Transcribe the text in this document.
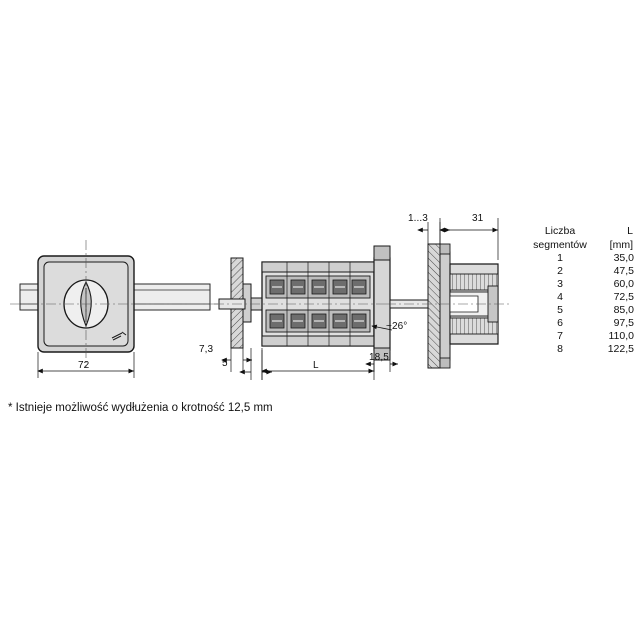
72
7,3
5	L
18,5
1...3	31
~26°
Liczba	L
segmentów	[mm]
1	35,0
2	47,5
3	60,0
4	72,5
5	85,0
6	97,5
7	110,0
8	122,5
* Istnieje możliwość wydłużenia o krotność 12,5 mm
